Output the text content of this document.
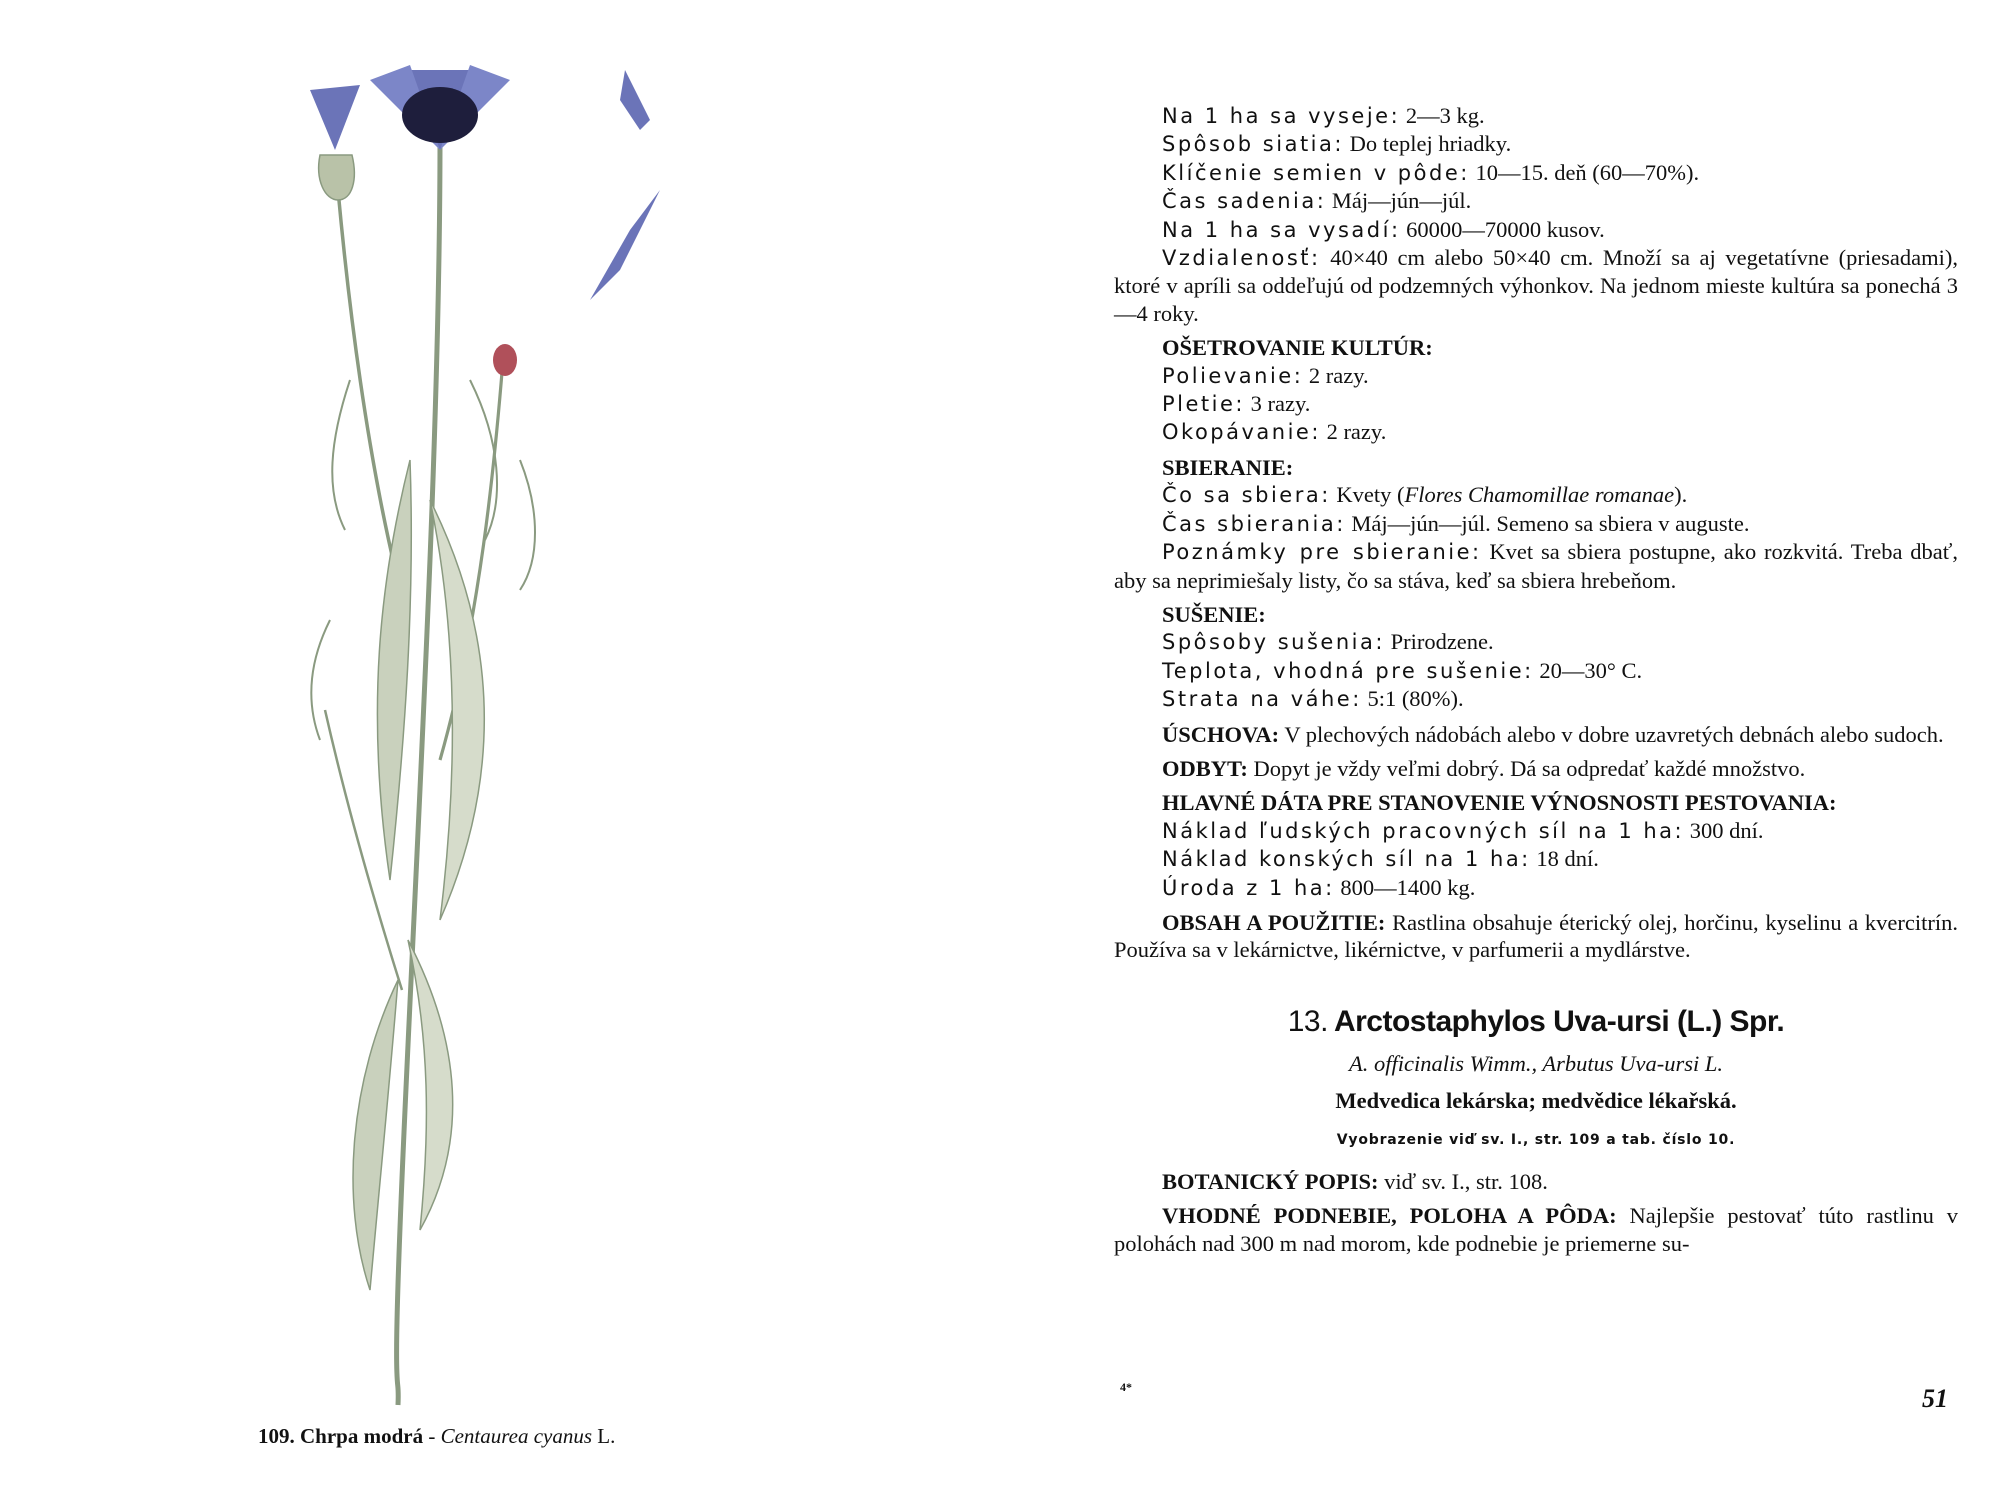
109. Chrpa modrá - Centaurea cyanus L.

Na 1 ha sa vyseje: 2—3 kg.

Spôsob siatia: Do teplej hriadky.

Klíčenie semien v pôde: 10—15. deň (60—70%).

Čas sadenia: Máj—jún—júl.

Na 1 ha sa vysadí: 60000—70000 kusov.

Vzdialenosť: 40×40 cm alebo 50×40 cm. Množí sa aj vegetatívne (priesadami), ktoré v apríli sa oddeľujú od podzemných výhonkov. Na jednom mieste kultúra sa ponechá 3—4 roky.

OŠETROVANIE KULTÚR:

Polievanie: 2 razy.

Pletie: 3 razy.

Okopávanie: 2 razy.

SBIERANIE:

Čo sa sbiera: Kvety (Flores Chamomillae romanae).

Čas sbierania: Máj—jún—júl. Semeno sa sbiera v auguste.

Poznámky pre sbieranie: Kvet sa sbiera postupne, ako rozkvitá. Treba dbať, aby sa neprimiešaly listy, čo sa stáva, keď sa sbiera hrebeňom.

SUŠENIE:

Spôsoby sušenia: Prirodzene.

Teplota, vhodná pre sušenie: 20—30° C.

Strata na váhe: 5:1 (80%).

ÚSCHOVA: V plechových nádobách alebo v dobre uzavretých debnách alebo sudoch.

ODBYT: Dopyt je vždy veľmi dobrý. Dá sa odpredať každé množstvo.

HLAVNÉ DÁTA PRE STANOVENIE VÝNOSNOSTI PESTOVANIA:

Náklad ľudských pracovných síl na 1 ha: 300 dní.

Náklad konských síl na 1 ha: 18 dní.

Úroda z 1 ha: 800—1400 kg.

OBSAH A POUŽITIE: Rastlina obsahuje éterický olej, horčinu, kyselinu a kvercitrín. Používa sa v lekárnictve, likérnictve, v parfumerii a mydlárstve.

13. Arctostaphylos Uva-ursi (L.) Spr.

A. officinalis Wimm., Arbutus Uva-ursi L.

Medvedica lekárska; medvědice lékařská.

Vyobrazenie viď sv. I., str. 109 a tab. číslo 10.

BOTANICKÝ POPIS: viď sv. I., str. 108.

VHODNÉ PODNEBIE, POLOHA A PÔDA: Najlepšie pestovať túto rastlinu v polohách nad 300 m nad morom, kde podnebie je priemerne su-

4*	51
